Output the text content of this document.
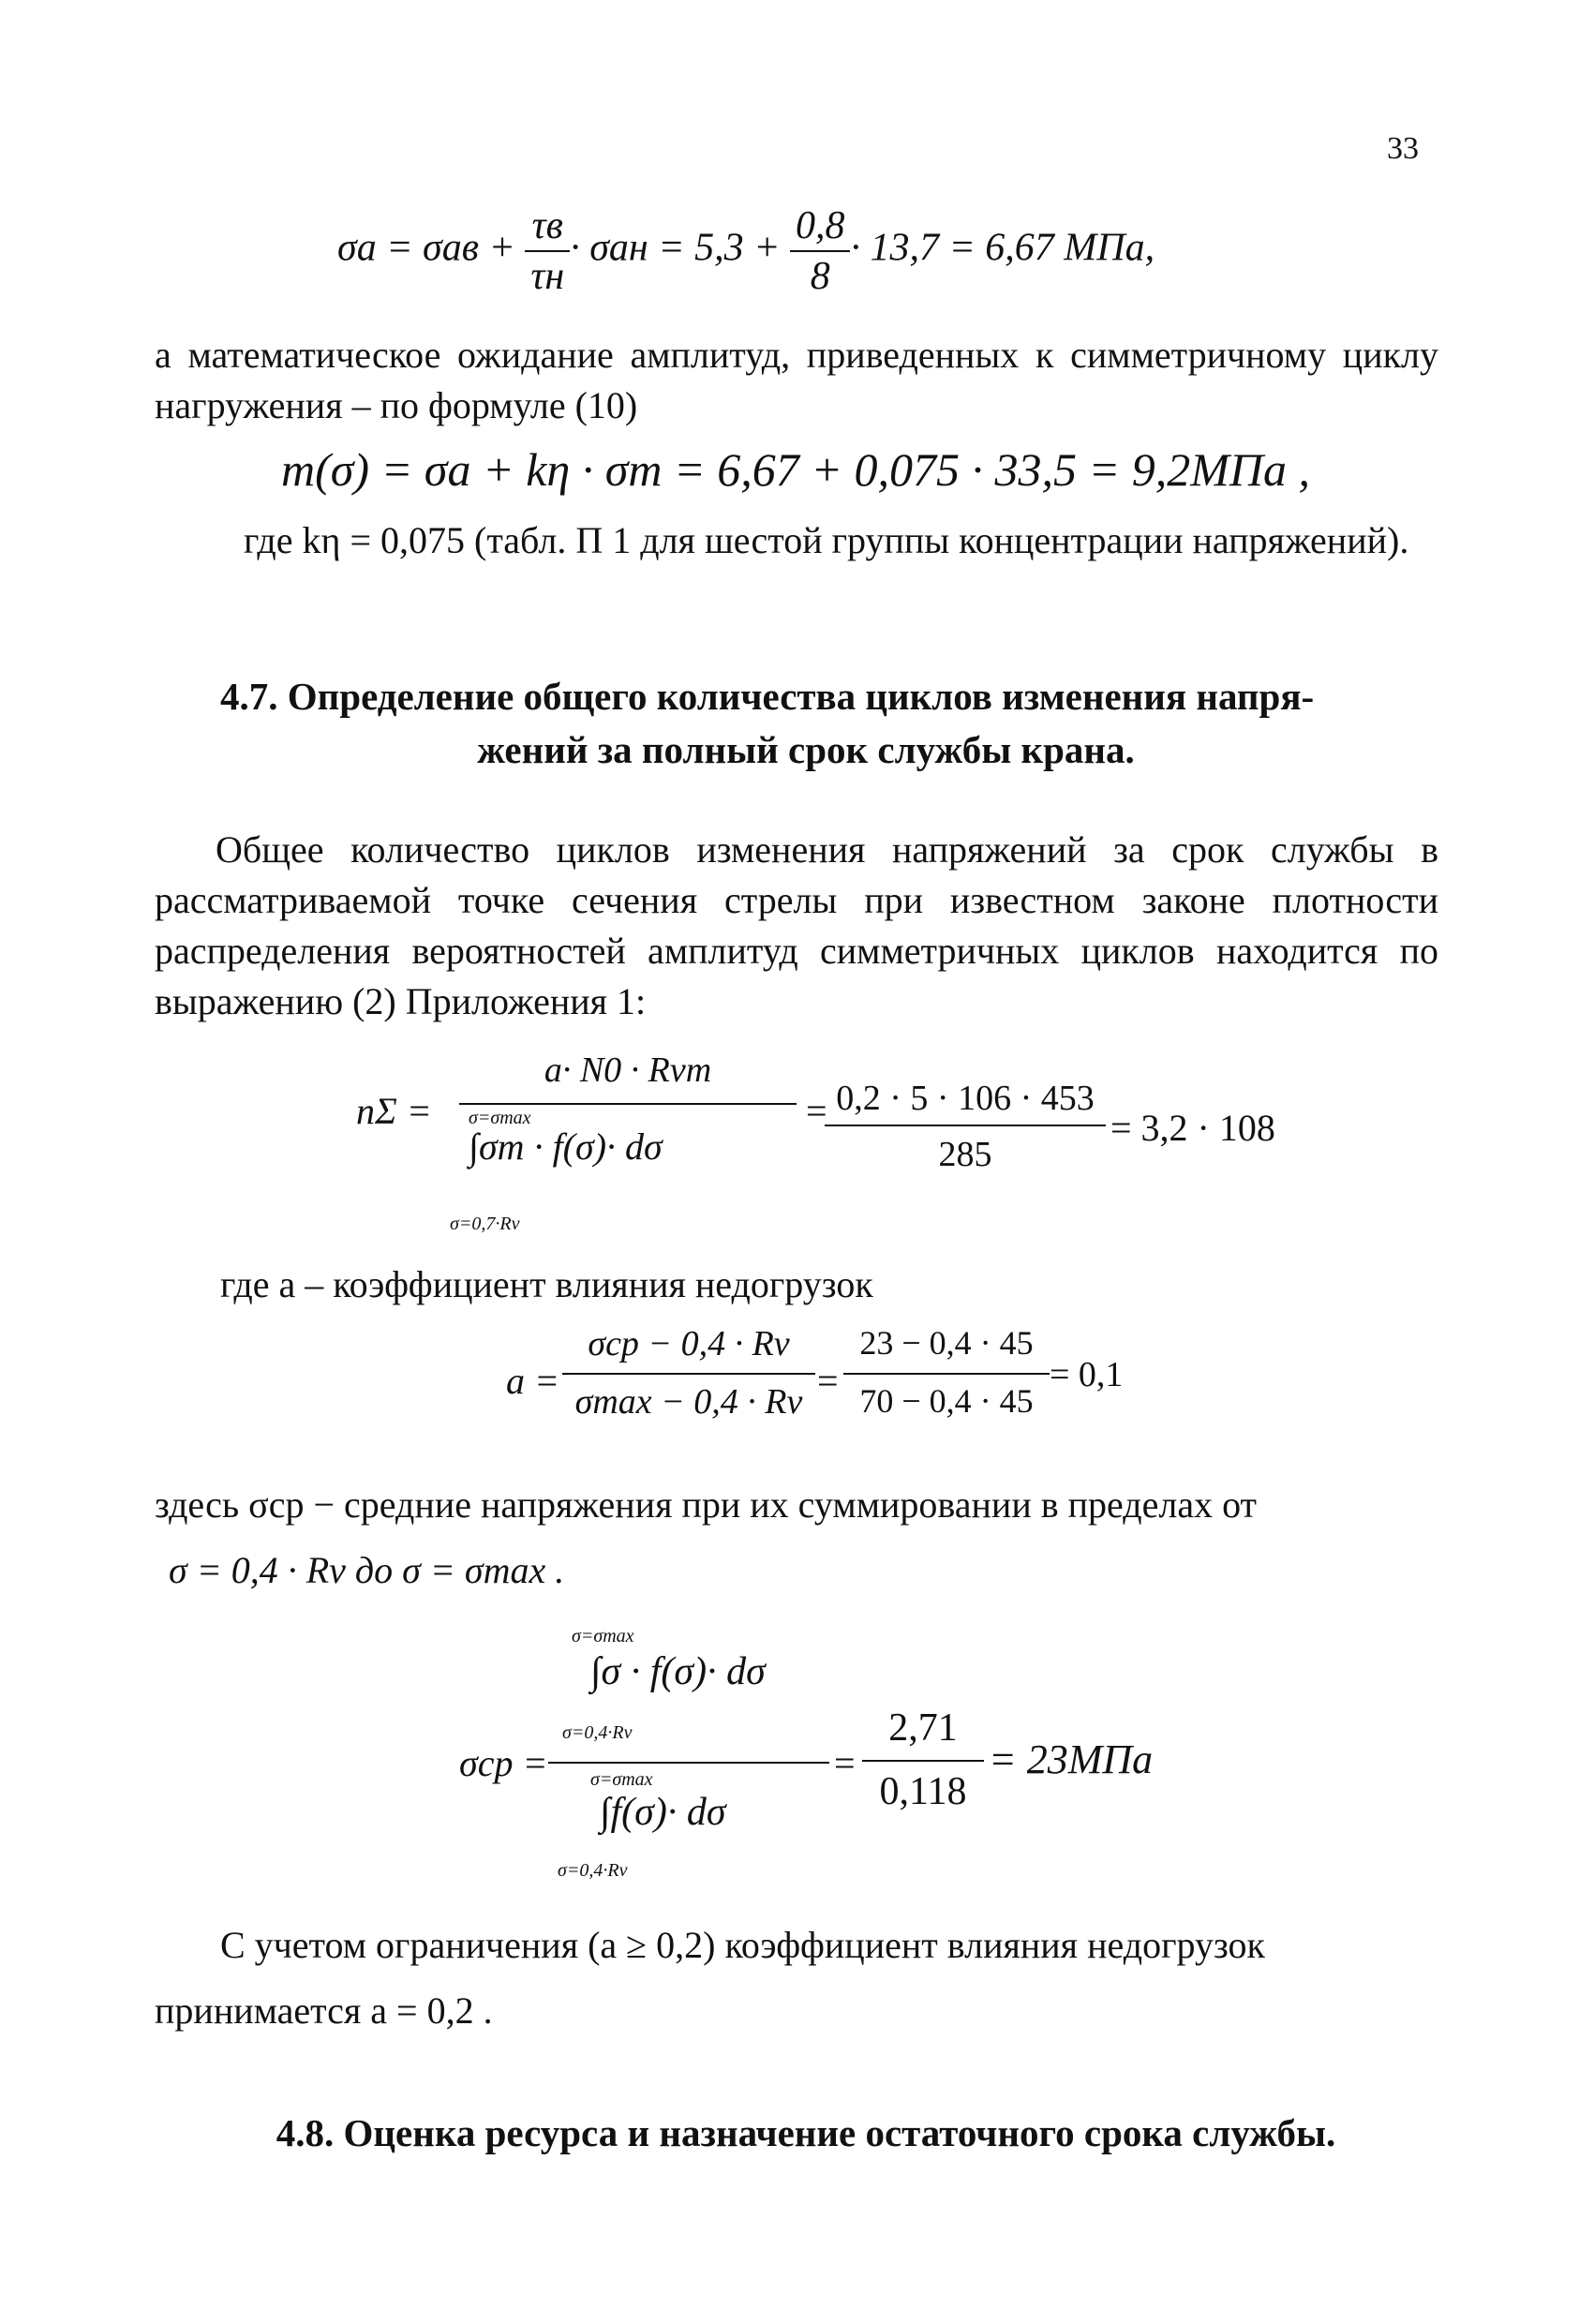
33
$\sigma a = \sigma aв + \frac{\tau в}{\tau н} \cdot \sigma aн = 5,3 + \frac{0,8}{8} \cdot 13,7 = 6,67$ МПа,
а математическое ожидание амплитуд, приведенных к симметричному циклу нагружения – по формуле (10)
m(σ) = σa + kη · σm = 6,67 + 0,075 · 33,5 = 9,2МПа ,
где kη = 0,075 (табл. П 1 для шестой группы концентрации напряжений).
4.7. Определение общего количества циклов изменения напря-
жений за полный срок службы крана.
Общее количество циклов изменения напряжений за срок службы в рассматриваемой точке сечения стрелы при известном законе плотности распределения вероятностей амплитуд симметричных циклов находится по выражению (2) Приложения 1:
nΣ =
a· N0 · Rvm
σ=σmax
∫σm · f(σ)· dσ
σ=0,7·Rv
= 0,2 · 5 · 106 · 453
285
= 3,2 · 108
где a – коэффициент влияния недогрузок
a =
σср − 0,4 · Rv
σmax − 0,4 · Rv =
23 − 0,4 · 45
70 − 0,4 · 45
= 0,1
здесь σср − средние напряжения при их суммировании в пределах от
σ = 0,4 · Rv до σ = σmax .
σ=σmax
∫σ · f(σ)· dσ
σ=0,4·Rv
σср = σ=σmax
∫f(σ)· dσ
σ=0,4·Rv
=
2,71
0,118
= 23МПа
С учетом ограничения (a ≥ 0,2) коэффициент влияния недогрузок
принимается a = 0,2 .
4.8. Оценка ресурса и назначение остаточного срока службы.
